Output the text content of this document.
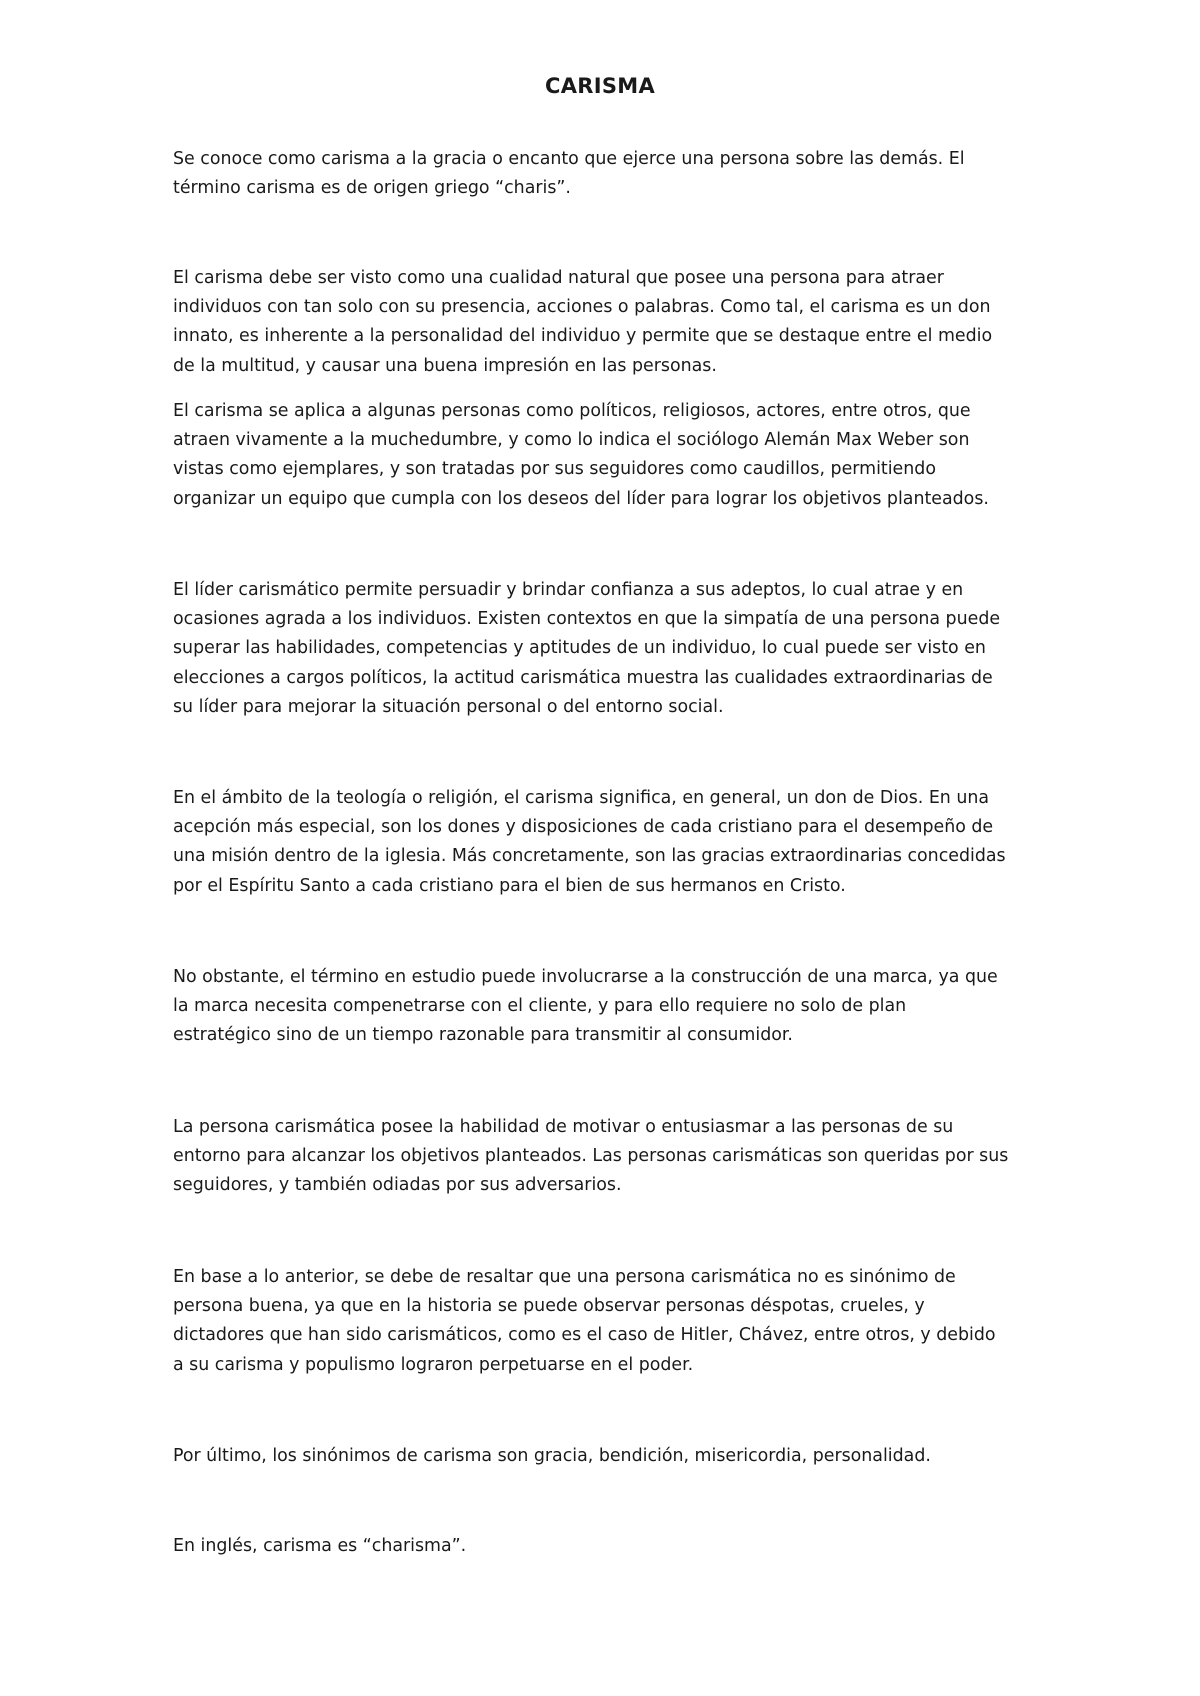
CARISMA

Se conoce como carisma a la gracia o encanto que ejerce una persona sobre las demás. El
término carisma es de origen griego “charis”.

El carisma debe ser visto como una cualidad natural que posee una persona para atraer
individuos con tan solo con su presencia, acciones o palabras. Como tal, el carisma es un don
innato, es inherente a la personalidad del individuo y permite que se destaque entre el medio
de la multitud, y causar una buena impresión en las personas.

El carisma se aplica a algunas personas como políticos, religiosos, actores, entre otros, que
atraen vivamente a la muchedumbre, y como lo indica el sociólogo Alemán Max Weber son
vistas como ejemplares, y son tratadas por sus seguidores como caudillos, permitiendo
organizar un equipo que cumpla con los deseos del líder para lograr los objetivos planteados.

El líder carismático permite persuadir y brindar confianza a sus adeptos, lo cual atrae y en
ocasiones agrada a los individuos. Existen contextos en que la simpatía de una persona puede
superar las habilidades, competencias y aptitudes de un individuo, lo cual puede ser visto en
elecciones a cargos políticos, la actitud carismática muestra las cualidades extraordinarias de
su líder para mejorar la situación personal o del entorno social.

En el ámbito de la teología o religión, el carisma significa, en general, un don de Dios. En una
acepción más especial, son los dones y disposiciones de cada cristiano para el desempeño de
una misión dentro de la iglesia. Más concretamente, son las gracias extraordinarias concedidas
por el Espíritu Santo a cada cristiano para el bien de sus hermanos en Cristo.

No obstante, el término en estudio puede involucrarse a la construcción de una marca, ya que
la marca necesita compenetrarse con el cliente, y para ello requiere no solo de plan
estratégico sino de un tiempo razonable para transmitir al consumidor.

La persona carismática posee la habilidad de motivar o entusiasmar a las personas de su
entorno para alcanzar los objetivos planteados. Las personas carismáticas son queridas por sus
seguidores, y también odiadas por sus adversarios.

En base a lo anterior, se debe de resaltar que una persona carismática no es sinónimo de
persona buena, ya que en la historia se puede observar personas déspotas, crueles, y
dictadores que han sido carismáticos, como es el caso de Hitler, Chávez, entre otros, y debido
a su carisma y populismo lograron perpetuarse en el poder.

Por último, los sinónimos de carisma son gracia, bendición, misericordia, personalidad.

En inglés, carisma es “charisma”.
